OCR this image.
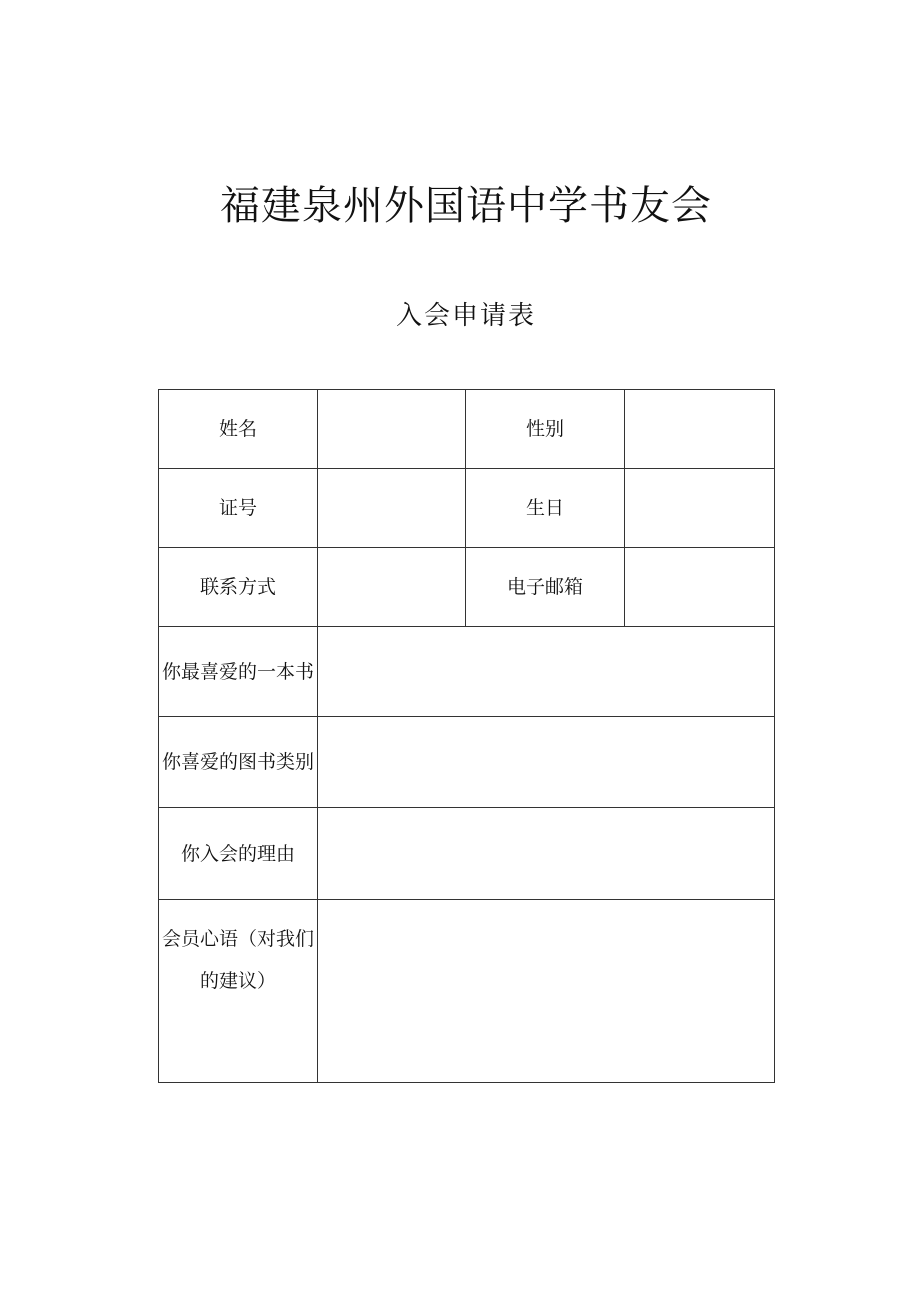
福建泉州外国语中学书友会
入会申请表
姓名		性别	
证号		生日	
联系方式		电子邮箱	
你最喜爱的一本书			
你喜爱的图书类别			
你入会的理由			
会员心语（对我们的建议）			
